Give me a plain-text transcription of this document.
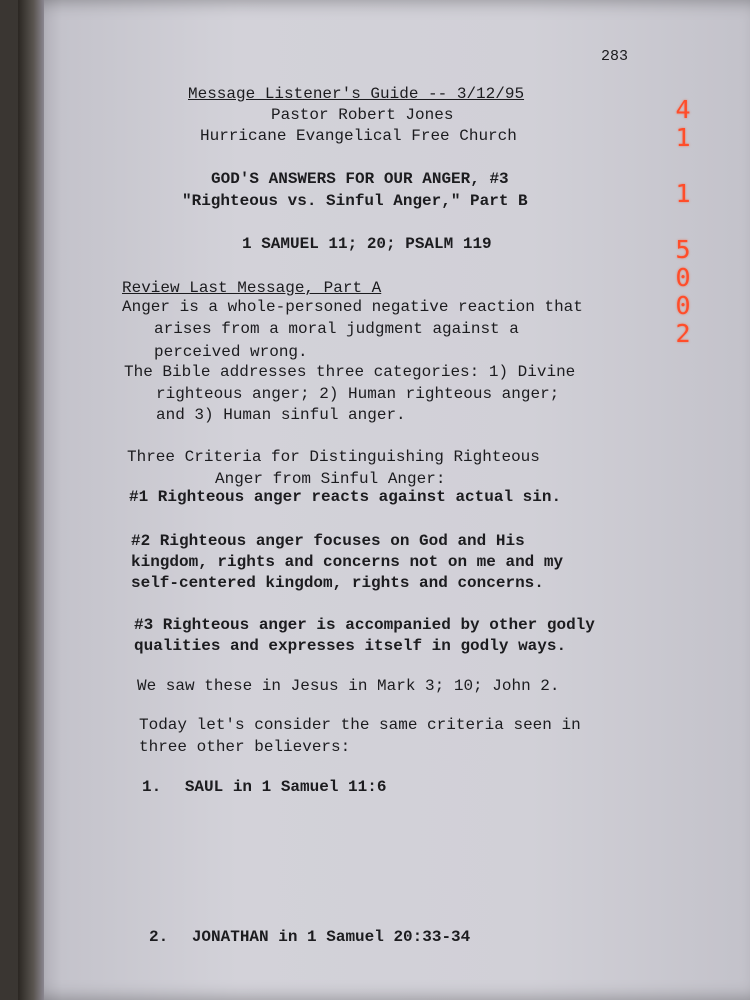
283
Message Listener's Guide -- 3/12/95
Pastor Robert Jones
Hurricane Evangelical Free Church
GOD'S ANSWERS FOR OUR ANGER, #3
"Righteous vs. Sinful Anger," Part B
1 SAMUEL 11; 20; PSALM 119
Review Last Message, Part A
Anger is a whole-personed negative reaction that
arises from a moral judgment against a
perceived wrong.
The Bible addresses three categories: 1) Divine
righteous anger; 2) Human righteous anger;
and 3) Human sinful anger.
Three Criteria for Distinguishing Righteous
Anger from Sinful Anger:
#1 Righteous anger reacts against actual sin.
#2 Righteous anger focuses on God and His
kingdom, rights and concerns not on me and my
self-centered kingdom, rights and concerns.
#3 Righteous anger is accompanied by other godly
qualities and expresses itself in godly ways.
We saw these in Jesus in Mark 3; 10; John 2.
Today let's consider the same criteria seen in
three other believers:
1. SAUL in 1 Samuel 11:6
2. JONATHAN in 1 Samuel 20:33-34
4
1

1

5
0
0
2
